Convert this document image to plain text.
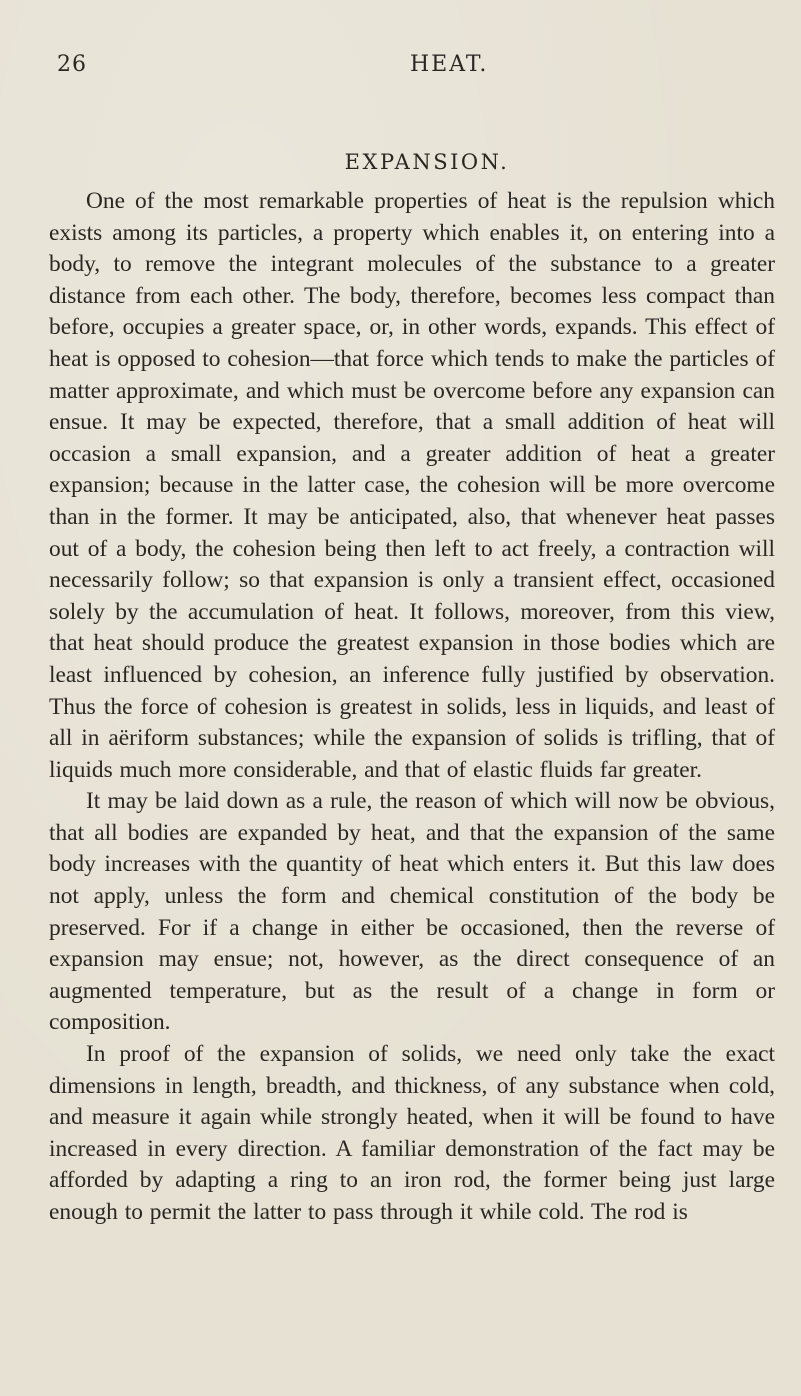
26	HEAT.
EXPANSION.

One of the most remarkable properties of heat is the repulsion which exists among its particles, a property which enables it, on entering into a body, to remove the integrant molecules of the substance to a greater distance from each other. The body, therefore, becomes less compact than before, occupies a greater space, or, in other words, expands. This effect of heat is opposed to cohesion—that force which tends to make the particles of matter approximate, and which must be overcome before any expansion can ensue. It may be expected, therefore, that a small addition of heat will occasion a small expansion, and a greater addition of heat a greater expansion; because in the latter case, the cohesion will be more overcome than in the former. It may be anticipated, also, that whenever heat passes out of a body, the cohesion being then left to act freely, a contraction will necessarily follow; so that expansion is only a transient effect, occasioned solely by the accumulation of heat. It follows, moreover, from this view, that heat should produce the greatest expansion in those bodies which are least influenced by cohesion, an inference fully justified by observation. Thus the force of cohesion is greatest in solids, less in liquids, and least of all in aëriform substances; while the expansion of solids is trifling, that of liquids much more considerable, and that of elastic fluids far greater.

It may be laid down as a rule, the reason of which will now be obvious, that all bodies are expanded by heat, and that the expansion of the same body increases with the quantity of heat which enters it. But this law does not apply, unless the form and chemical constitution of the body be preserved. For if a change in either be occasioned, then the reverse of expansion may ensue; not, however, as the direct consequence of an augmented temperature, but as the result of a change in form or composition.

In proof of the expansion of solids, we need only take the exact dimensions in length, breadth, and thickness, of any substance when cold, and measure it again while strongly heated, when it will be found to have increased in every direction. A familiar demonstration of the fact may be afforded by adapting a ring to an iron rod, the former being just large enough to permit the latter to pass through it while cold. The rod is
